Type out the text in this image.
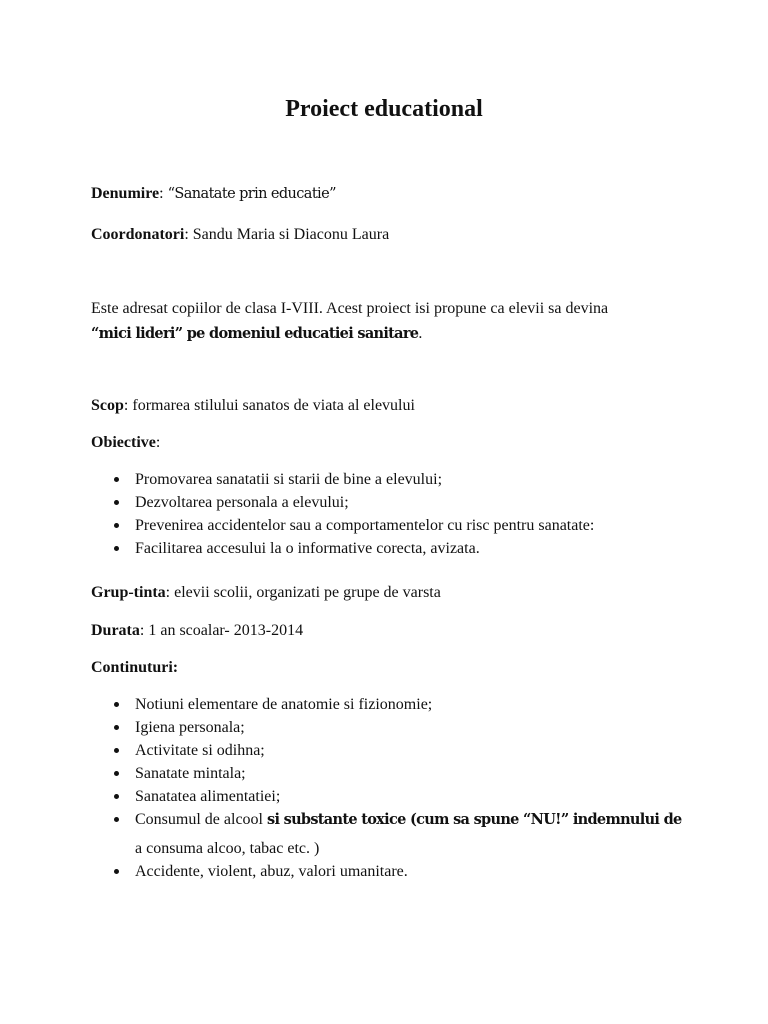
Proiect educational

Denumire: “Sanatate prin educatie”

Coordonatori: Sandu Maria si Diaconu Laura

Este adresat copiilor de clasa I-VIII. Acest proiect isi propune ca elevii sa devina

“mici lideri” pe domeniul educatiei sanitare.

Scop: formarea stilului sanatos de viata al elevului

Obiective:

Promovarea sanatatii si starii de bine a elevului;
Dezvoltarea personala a elevului;
Prevenirea accidentelor sau a comportamentelor cu risc pentru sanatate:
Facilitarea accesului la o informative corecta, avizata.

Grup-tinta: elevii scolii, organizati pe grupe de varsta

Durata: 1 an scoalar- 2013-2014

Continuturi:

Notiuni elementare de anatomie si fizionomie;
Igiena personala;
Activitate si odihna;
Sanatate mintala;
Sanatatea alimentatiei;
Consumul de alcool si substante toxice (cum sa spune “NU!” indemnului de
a consuma alcoo, tabac etc. )
Accidente, violent, abuz, valori umanitare.
